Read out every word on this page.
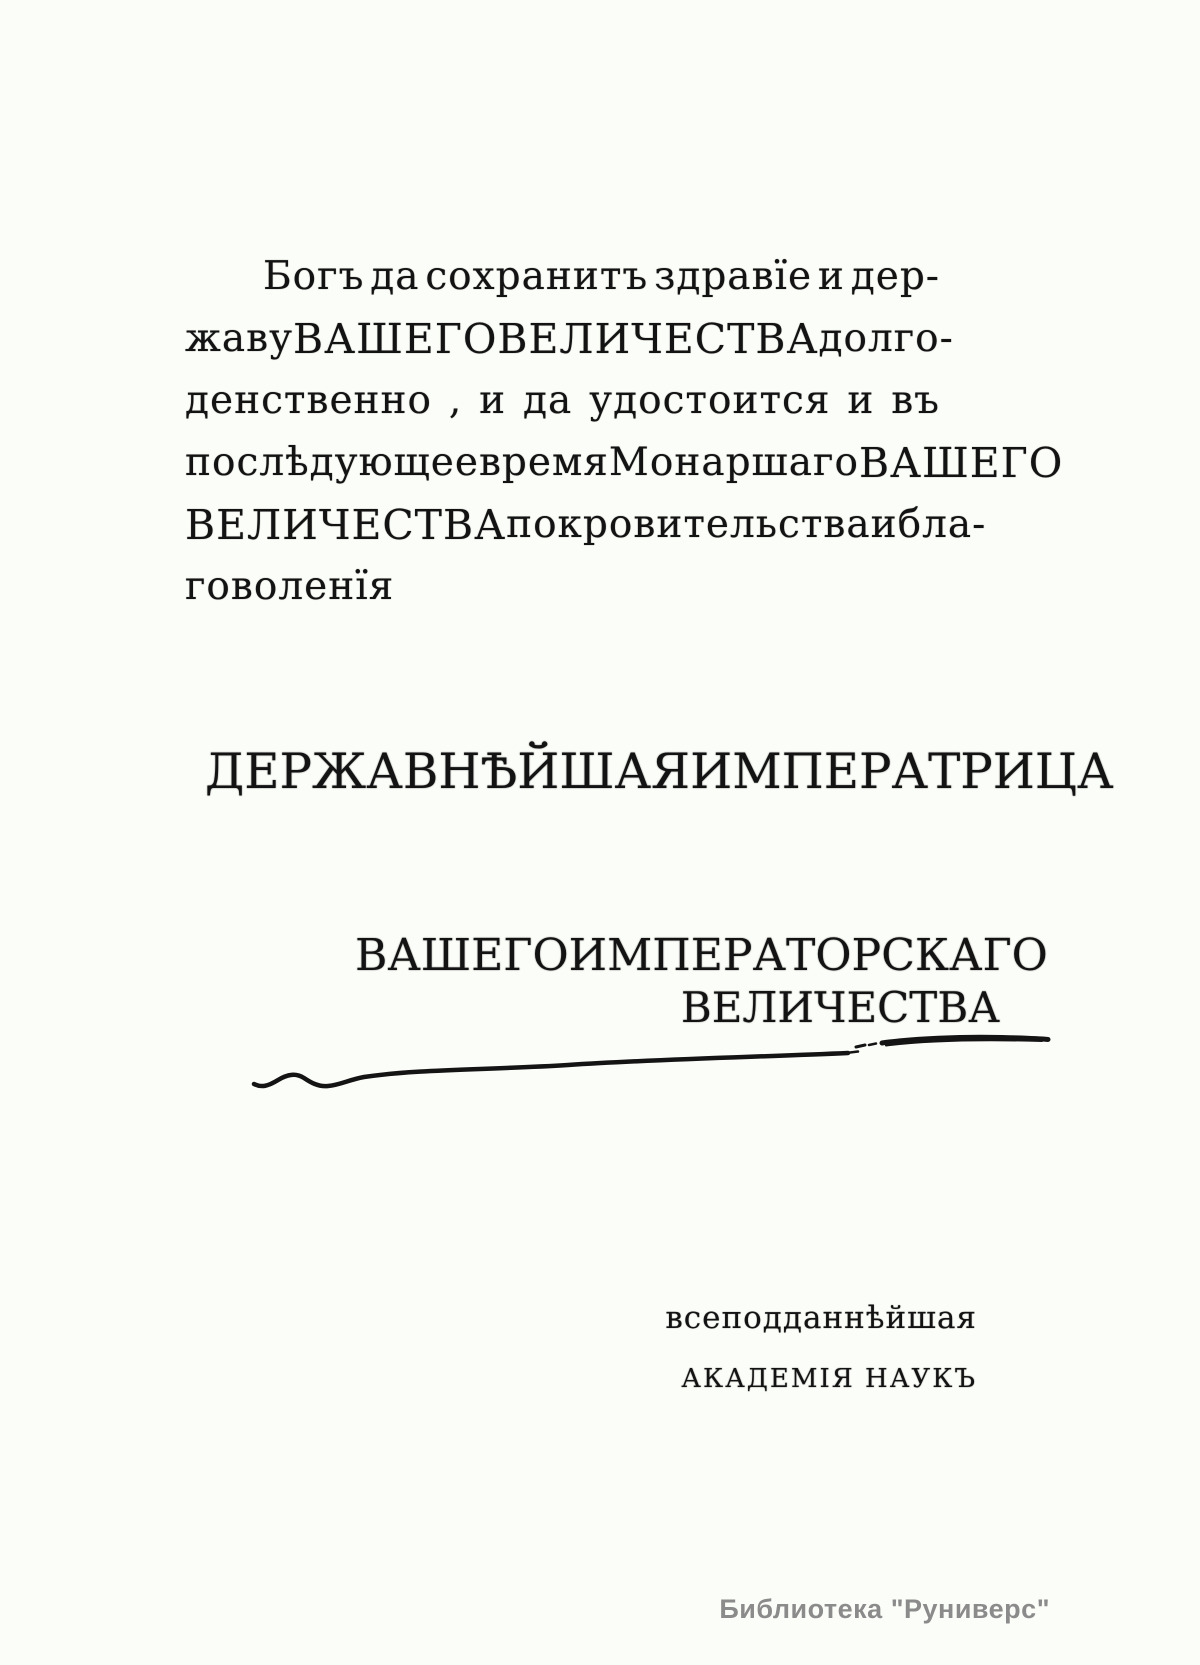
Богъ да сохранитъ здравїе и дер-
жаву ВАШЕГО ВЕЛИЧЕСТВА долго-
денственно , и да удостоится и въ
послѣдующее время Монаршаго ВАШЕГО
ВЕЛИЧЕСТВА покровительства и бла-
говоленїя
ДЕРЖАВНѢЙШАЯ ИМПЕРАТРИЦА
ВАШЕГО ИМПЕРАТОРСКАГО
ВЕЛИЧЕСТВА
всеподданнѣйшая
АКАДЕМІЯ НАУКЪ
Библиотека "Руниверс"
